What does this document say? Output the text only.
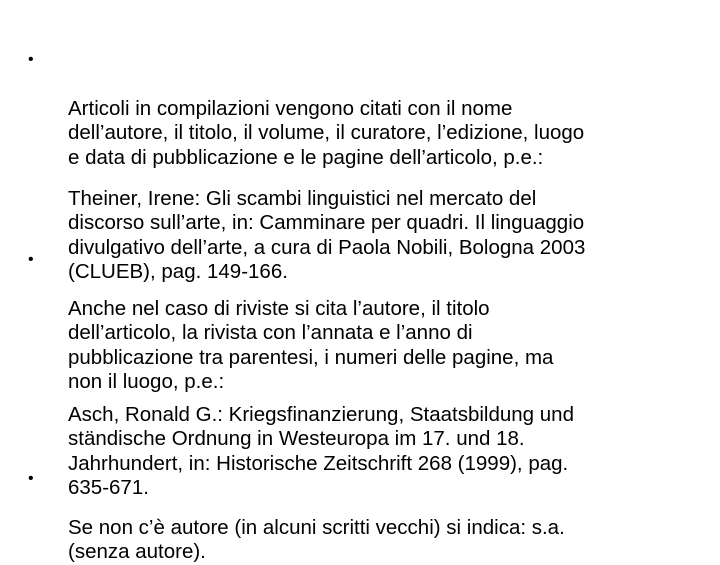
•

Articoli in compilazioni vengono citati con il nome
dell’autore, il titolo, il volume, il curatore, l’edizione, luogo
e data di pubblicazione e le pagine dell’articolo, p.e.:

Theiner, Irene: Gli scambi linguistici nel mercato del
discorso sull’arte, in: Camminare per quadri. Il linguaggio
divulgativo dell’arte, a cura di Paola Nobili, Bologna 2003
(CLUEB), pag. 149-166.

•

Anche nel caso di riviste si cita l’autore, il titolo
dell’articolo, la rivista con l’annata e l’anno di
pubblicazione tra parentesi, i numeri delle pagine, ma
non il luogo, p.e.:

Asch, Ronald G.: Kriegsfinanzierung, Staatsbildung und
ständische Ordnung in Westeuropa im 17. und 18.
Jahrhundert, in: Historische Zeitschrift 268 (1999), pag.
635-671.

•

Se non c’è autore (in alcuni scritti vecchi) si indica: s.a.
(senza autore).
